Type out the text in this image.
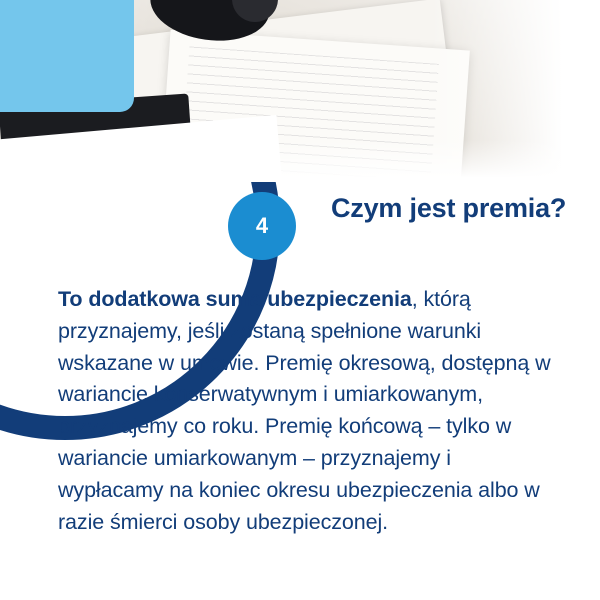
4
Czym jest premia?
To dodatkowa suma ubezpieczenia, którą przyznajemy, jeśli zostaną spełnione warunki wskazane w umowie. Premię okresową, dostępną w wariancie konserwatywnym i umiarkowanym, przyznajemy co roku. Premię końcową – tylko w wariancie umiarkowanym – przyznajemy i wypłacamy na koniec okresu ubezpieczenia albo w razie śmierci osoby ubezpieczonej.
